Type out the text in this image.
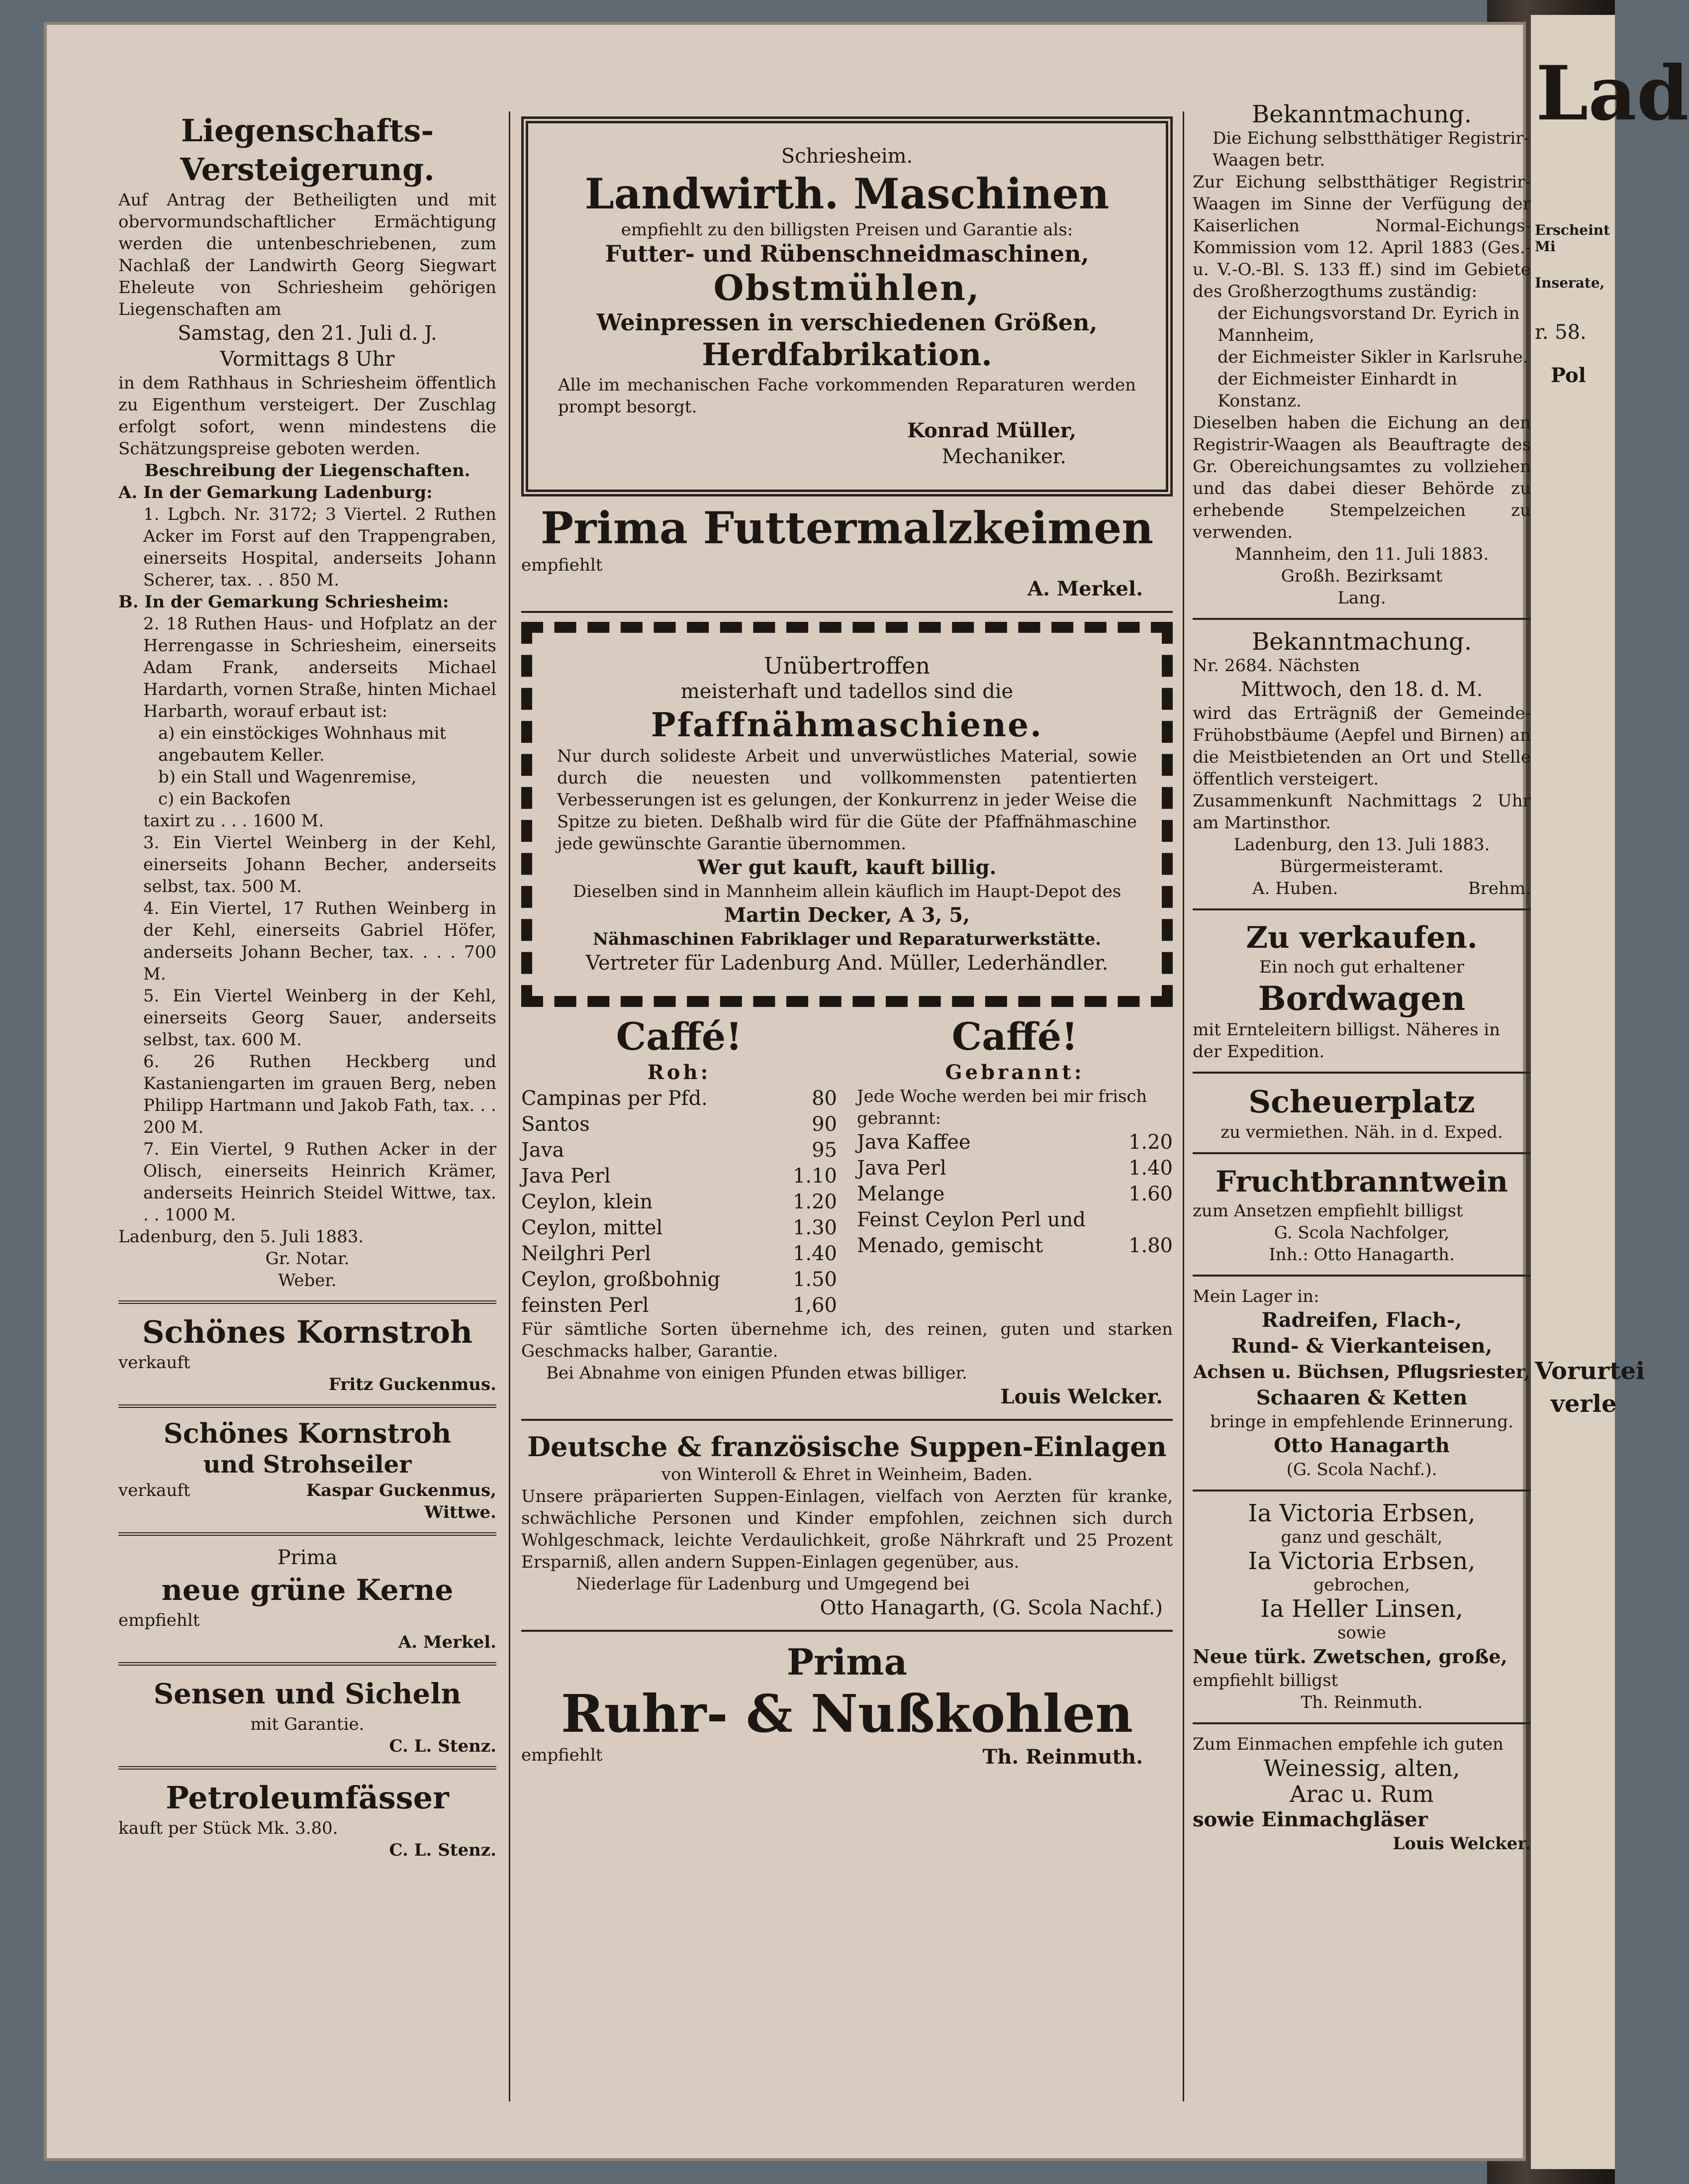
Lad
Erscheint Mi
Inserate,
r. 58.
Pol
Vorurtei
verle
Liegenschafts-
Versteigerung.

Auf Antrag der Betheiligten und mit obervormundschaftlicher Ermächtigung werden die untenbeschriebenen, zum Nachlaß der Landwirth Georg Siegwart Eheleute von Schriesheim gehörigen Liegenschaften am

Samstag, den 21. Juli d. J.
Vormittags 8 Uhr

in dem Rathhaus in Schriesheim öffentlich zu Eigenthum versteigert. Der Zuschlag erfolgt sofort, wenn mindestens die Schätzungspreise geboten werden.

Beschreibung der Liegenschaften.
A. In der Gemarkung Ladenburg:

1. Lgbch. Nr. 3172; 3 Viertel. 2 Ruthen Acker im Forst auf den Trappengraben, einerseits Hospital, anderseits Johann Scherer, tax. . . 850 M.

B. In der Gemarkung Schriesheim:

2. 18 Ruthen Haus- und Hofplatz an der Herrengasse in Schriesheim, einerseits Adam Frank, anderseits Michael Hardarth, vornen Straße, hinten Michael Harbarth, worauf erbaut ist:

a) ein einstöckiges Wohnhaus mit angebautem Keller.

b) ein Stall und Wagenremise,

c) ein Backofen

taxirt zu . . . 1600 M.

3. Ein Viertel Weinberg in der Kehl, einerseits Johann Becher, anderseits selbst, tax. 500 M.

4. Ein Viertel, 17 Ruthen Weinberg in der Kehl, einerseits Gabriel Höfer, anderseits Johann Becher, tax. . . . 700 M.

5. Ein Viertel Weinberg in der Kehl, einerseits Georg Sauer, anderseits selbst, tax. 600 M.

6. 26 Ruthen Heckberg und Kastaniengarten im grauen Berg, neben Philipp Hartmann und Jakob Fath, tax. . . 200 M.

7. Ein Viertel, 9 Ruthen Acker in der Olisch, einerseits Heinrich Krämer, anderseits Heinrich Steidel Wittwe, tax. . . 1000 M.

Ladenburg, den 5. Juli 1883.

Gr. Notar.
Weber.
Schönes Kornstroh
verkauft
Fritz Guckenmus.
Schönes Kornstroh
und Strohseiler
verkauft	Kaspar Guckenmus,
Wittwe.
Prima
neue grüne Kerne
empfiehlt
A. Merkel.
Sensen und Sicheln
mit Garantie.
C. L. Stenz.
Petroleumfässer
kauft per Stück Mk. 3.80.
C. L. Stenz.
Schriesheim.
Landwirth. Maschinen
empfiehlt zu den billigsten Preisen und Garantie als:
Futter- und Rübenschneidmaschinen,
Obstmühlen,
Weinpressen in verschiedenen Größen,
Herdfabrikation.

Alle im mechanischen Fache vorkommenden Reparaturen werden prompt besorgt.

Konrad Müller,
Mechaniker.
Prima Futtermalzkeimen
empfiehlt
A. Merkel.
Unübertroffen
meisterhaft und tadellos sind die
Pfaffnähmaschiene.

Nur durch solideste Arbeit und unverwüstliches Material, sowie durch die neuesten und vollkommensten patentierten Verbesserungen ist es gelungen, der Konkurrenz in jeder Weise die Spitze zu bieten. Deßhalb wird für die Güte der Pfaffnähmaschine jede gewünschte Garantie übernommen.

Wer gut kauft, kauft billig.
Dieselben sind in Mannheim allein käuflich im Haupt-Depot des
Martin Decker, A 3, 5,
Nähmaschinen Fabriklager und Reparaturwerkstätte.
Vertreter für Ladenburg And. Müller, Lederhändler.
Caffé!	Caffé!
Roh:	Gebrannt:
Campinas per Pfd.	80
Santos	90
Java	95
Java Perl	1.10
Ceylon, klein	1.20
Ceylon, mittel	1.30
Neilghri Perl	1.40
Ceylon, großbohnig	1.50
feinsten Perl	1,60

Jede Woche werden bei mir frisch gebrannt:

Java Kaffee	1.20
Java Perl	1.40
Melange	1.60
Feinst Ceylon Perl und Menado, gemischt	1.80

Für sämtliche Sorten übernehme ich, des reinen, guten und starken Geschmacks halber, Garantie.

Bei Abnahme von einigen Pfunden etwas billiger.

Louis Welcker.
Deutsche & französische Suppen-Einlagen
von Winteroll & Ehret in Weinheim, Baden.

Unsere präparierten Suppen-Einlagen, vielfach von Aerzten für kranke, schwächliche Personen und Kinder empfohlen, zeichnen sich durch Wohlgeschmack, leichte Verdaulichkeit, große Nährkraft und 25 Prozent Ersparniß, allen andern Suppen-Einlagen gegenüber, aus.

Niederlage für Ladenburg und Umgegend bei

Otto Hanagarth, (G. Scola Nachf.)
Prima
Ruhr- & Nußkohlen
empfiehlt	Th. Reinmuth.
Bekanntmachung.

Die Eichung selbstthätiger Registrir-Waagen betr.

Zur Eichung selbstthätiger Registrir-Waagen im Sinne der Verfügung der Kaiserlichen Normal-Eichungs-Kommission vom 12. April 1883 (Ges.-u. V.-O.-Bl. S. 133 ff.) sind im Gebiete des Großherzogthums zuständig:

der Eichungsvorstand Dr. Eyrich in Mannheim,

der Eichmeister Sikler in Karlsruhe.

der Eichmeister Einhardt in Konstanz.

Dieselben haben die Eichung an den Registrir-Waagen als Beauftragte des Gr. Obereichungsamtes zu vollziehen und das dabei dieser Behörde zu erhebende Stempelzeichen zu verwenden.

Mannheim, den 11. Juli 1883.
Großh. Bezirksamt
Lang.
Bekanntmachung.

Nr. 2684. Nächsten

Mittwoch, den 18. d. M.

wird das Erträgniß der Gemeinde-Frühobstbäume (Aepfel und Birnen) an die Meistbietenden an Ort und Stelle öffentlich versteigert.

Zusammenkunft Nachmittags 2 Uhr am Martinsthor.

Ladenburg, den 13. Juli 1883.
Bürgermeisteramt.
A. Huben.	Brehm.
Zu verkaufen.
Ein noch gut erhaltener
Bordwagen

mit Ernteleitern billigst. Näheres in der Expedition.

Scheuerplatz
zu vermiethen. Näh. in d. Exped.
Fruchtbranntwein
zum Ansetzen empfiehlt billigst
G. Scola Nachfolger,
Inh.: Otto Hanagarth.
Mein Lager in:
Radreifen, Flach-,
Rund- & Vierkanteisen,
Achsen u. Büchsen, Pflugsriester,
Schaaren & Ketten
bringe in empfehlende Erinnerung.
Otto Hanagarth
(G. Scola Nachf.).
Ia Victoria Erbsen,
ganz und geschält,
Ia Victoria Erbsen,
gebrochen,
Ia Heller Linsen,
sowie
Neue türk. Zwetschen, große,
empfiehlt billigst
Th. Reinmuth.
Zum Einmachen empfehle ich guten
Weinessig, alten,
Arac u. Rum
sowie Einmachgläser
Louis Welcker.
